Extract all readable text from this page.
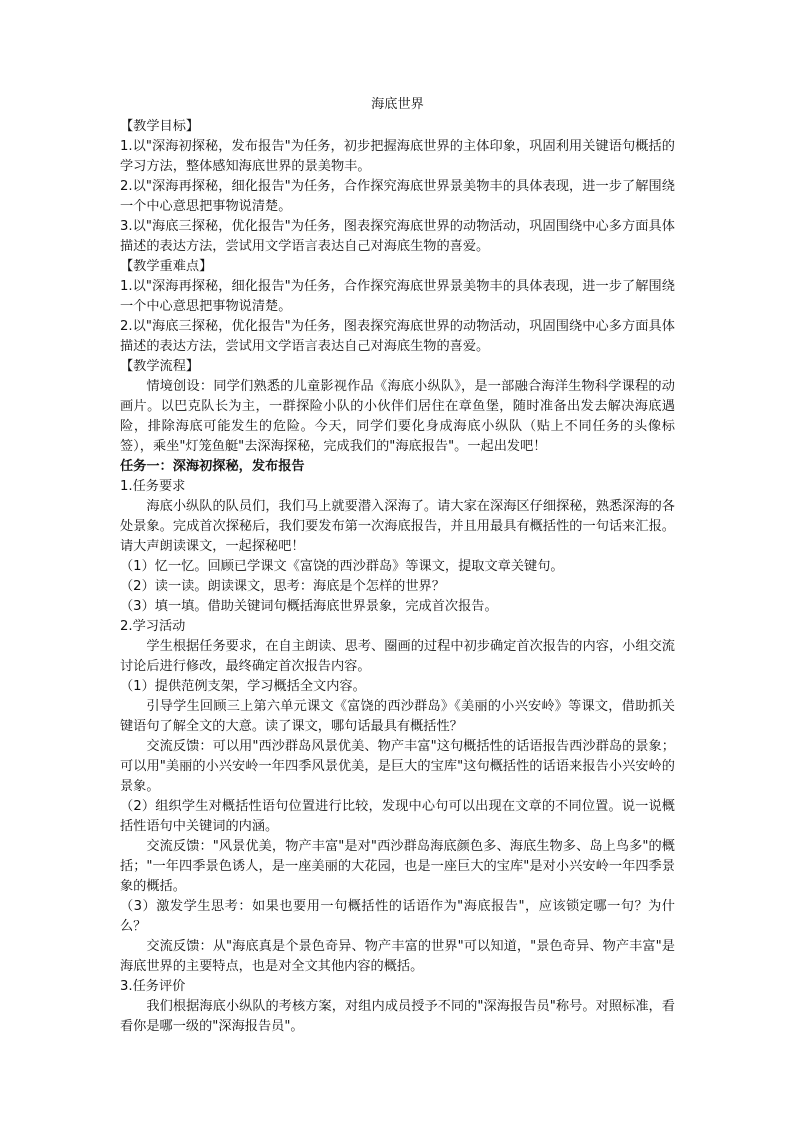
海底世界

【教学目标】

1.以"深海初探秘，发布报告"为任务，初步把握海底世界的主体印象，巩固利用关键语句概括的学习方法，整体感知海底世界的景美物丰。

2.以"深海再探秘，细化报告"为任务，合作探究海底世界景美物丰的具体表现，进一步了解围绕一个中心意思把事物说清楚。

3.以"海底三探秘，优化报告"为任务，图表探究海底世界的动物活动，巩固围绕中心多方面具体描述的表达方法，尝试用文学语言表达自己对海底生物的喜爱。

【教学重难点】

1.以"深海再探秘，细化报告"为任务，合作探究海底世界景美物丰的具体表现，进一步了解围绕一个中心意思把事物说清楚。

2.以"海底三探秘，优化报告"为任务，图表探究海底世界的动物活动，巩固围绕中心多方面具体描述的表达方法，尝试用文学语言表达自己对海底生物的喜爱。

【教学流程】

情境创设：同学们熟悉的儿童影视作品《海底小纵队》，是一部融合海洋生物科学课程的动画片。以巴克队长为主，一群探险小队的小伙伴们居住在章鱼堡，随时准备出发去解决海底遇险，排除海底可能发生的危险。今天，同学们要化身成海底小纵队（贴上不同任务的头像标签），乘坐"灯笼鱼艇"去深海探秘，完成我们的"海底报告"。一起出发吧！

任务一：深海初探秘，发布报告

1.任务要求

海底小纵队的队员们，我们马上就要潜入深海了。请大家在深海区仔细探秘，熟悉深海的各处景象。完成首次探秘后，我们要发布第一次海底报告，并且用最具有概括性的一句话来汇报。请大声朗读课文，一起探秘吧！

（1）忆一忆。回顾已学课文《富饶的西沙群岛》等课文，提取文章关键句。

（2）读一读。朗读课文，思考：海底是个怎样的世界？

（3）填一填。借助关键词句概括海底世界景象，完成首次报告。

2.学习活动

学生根据任务要求，在自主朗读、思考、圈画的过程中初步确定首次报告的内容，小组交流讨论后进行修改，最终确定首次报告内容。

（1）提供范例支架，学习概括全文内容。

引导学生回顾三上第六单元课文《富饶的西沙群岛》《美丽的小兴安岭》等课文，借助抓关键语句了解全文的大意。读了课文，哪句话最具有概括性？

交流反馈：可以用"西沙群岛风景优美、物产丰富"这句概括性的话语报告西沙群岛的景象；可以用"美丽的小兴安岭一年四季风景优美，是巨大的宝库"这句概括性的话语来报告小兴安岭的景象。

（2）组织学生对概括性语句位置进行比较，发现中心句可以出现在文章的不同位置。说一说概括性语句中关键词的内涵。

交流反馈："风景优美，物产丰富"是对"西沙群岛海底颜色多、海底生物多、岛上鸟多"的概括；"一年四季景色诱人，是一座美丽的大花园，也是一座巨大的宝库"是对小兴安岭一年四季景象的概括。

（3）激发学生思考：如果也要用一句概括性的话语作为"海底报告"，应该锁定哪一句？为什么？

交流反馈：从"海底真是个景色奇异、物产丰富的世界"可以知道，"景色奇异、物产丰富"是海底世界的主要特点，也是对全文其他内容的概括。

3.任务评价

我们根据海底小纵队的考核方案，对组内成员授予不同的"深海报告员"称号。对照标准，看看你是哪一级的"深海报告员"。
